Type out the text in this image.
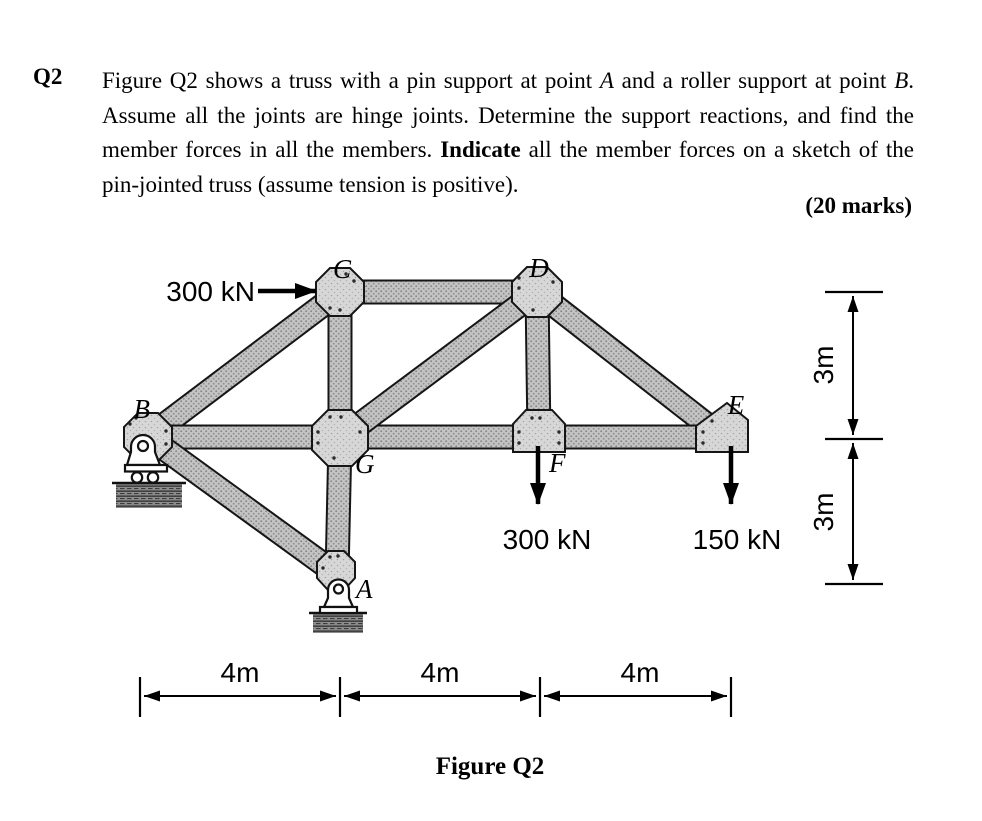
Q2 Figure Q2 shows a truss with a pin support at point A and a roller support at point B. Assume all the joints are hinge joints. Determine the support reactions, and find the member forces in all the members. Indicate all the member forces on a sketch of the pin-jointed truss (assume tension is positive).

(20 marks)
B
C	D
G	F
E
A
300 kN
300 kN	150 kN
3m
3m
4m	4m	4m
Figure Q2
